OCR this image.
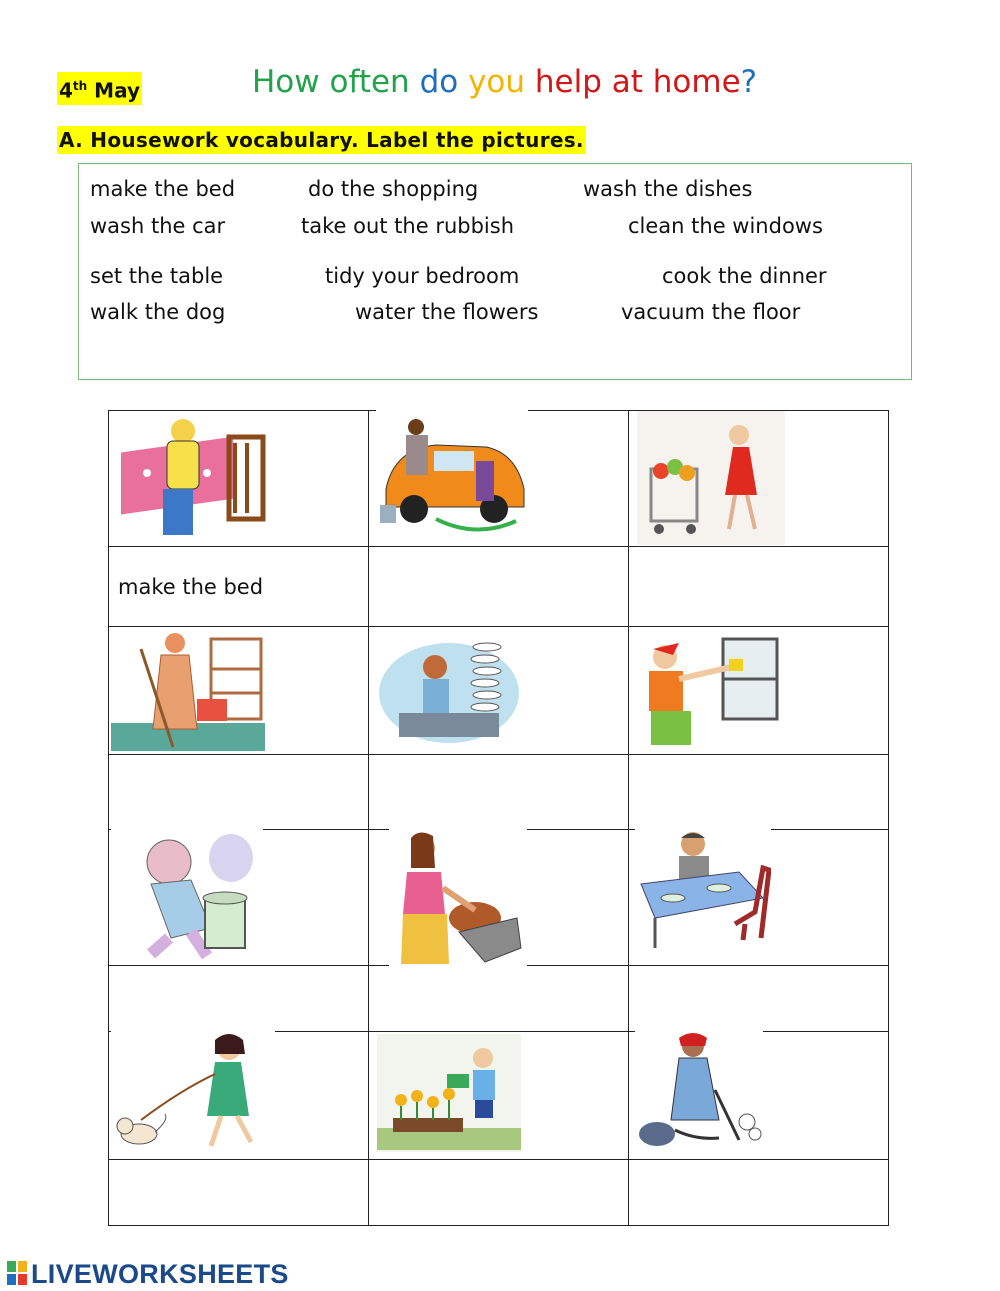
4th May	How often do you help at home?
A. Housework vocabulary. Label the pictures.
make the bed	do the shopping	wash the dishes
wash the car	take out the rubbish	clean the windows
set the table	tidy your bedroom	cook the dinner
walk the dog	water the flowers	vacuum the floor

make the bed		

LIVEWORKSHEETS
